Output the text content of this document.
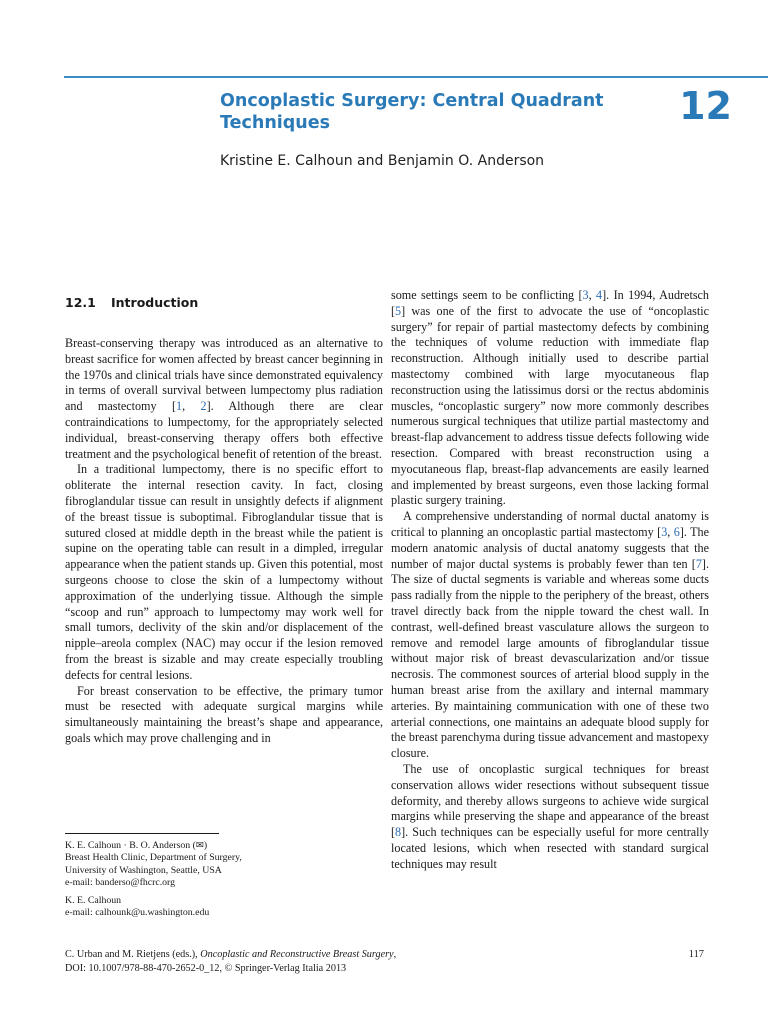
Oncoplastic Surgery: Central Quadrant
Techniques	12

Kristine E. Calhoun and Benjamin O. Anderson

12.1 Introduction

Breast-conserving therapy was introduced as an alternative to breast sacrifice for women affected by breast cancer beginning in the 1970s and clinical trials have since demonstrated equivalency in terms of overall survival between lumpectomy plus radiation and mastectomy [1, 2]. Although there are clear contraindications to lumpectomy, for the appropriately selected individual, breast-conserving therapy offers both effective treatment and the psychological benefit of retention of the breast.

In a traditional lumpectomy, there is no specific effort to obliterate the internal resection cavity. In fact, closing fibroglandular tissue can result in unsightly defects if alignment of the breast tissue is suboptimal. Fibroglandular tissue that is sutured closed at middle depth in the breast while the patient is supine on the operating table can result in a dimpled, irregular appearance when the patient stands up. Given this potential, most surgeons choose to close the skin of a lumpectomy without approximation of the underlying tissue. Although the simple “scoop and run” approach to lumpectomy may work well for small tumors, declivity of the skin and/or displacement of the nipple–areola complex (NAC) may occur if the lesion removed from the breast is sizable and may create especially troubling defects for central lesions.

For breast conservation to be effective, the primary tumor must be resected with adequate surgical margins while simultaneously maintaining the breast’s shape and appearance, goals which may prove challenging and in

some settings seem to be conflicting [3, 4]. In 1994, Audretsch [5] was one of the first to advocate the use of “oncoplastic surgery” for repair of partial mastectomy defects by combining the techniques of volume reduction with immediate flap reconstruction. Although initially used to describe partial mastectomy combined with large myocutaneous flap reconstruction using the latissimus dorsi or the rectus abdominis muscles, “oncoplastic surgery” now more commonly describes numerous surgical techniques that utilize partial mastectomy and breast-flap advancement to address tissue defects following wide resection. Compared with breast reconstruction using a myocutaneous flap, breast-flap advancements are easily learned and implemented by breast surgeons, even those lacking formal plastic surgery training.

A comprehensive understanding of normal ductal anatomy is critical to planning an oncoplastic partial mastectomy [3, 6]. The modern anatomic analysis of ductal anatomy suggests that the number of major ductal systems is probably fewer than ten [7]. The size of ductal segments is variable and whereas some ducts pass radially from the nipple to the periphery of the breast, others travel directly back from the nipple toward the chest wall. In contrast, well-defined breast vasculature allows the surgeon to remove and remodel large amounts of fibroglandular tissue without major risk of breast devascularization and/or tissue necrosis. The commonest sources of arterial blood supply in the human breast arise from the axillary and internal mammary arteries. By maintaining communication with one of these two arterial connections, one maintains an adequate blood supply for the breast parenchyma during tissue advancement and mastopexy closure.

The use of oncoplastic surgical techniques for breast conservation allows wider resections without subsequent tissue deformity, and thereby allows surgeons to achieve wide surgical margins while preserving the shape and appearance of the breast [8]. Such techniques can be especially useful for more centrally located lesions, which when resected with standard surgical techniques may result

K. E. Calhoun · B. O. Anderson (✉)

Breast Health Clinic, Department of Surgery,

University of Washington, Seattle, USA

e-mail: banderso@fhcrc.org

K. E. Calhoun

e-mail: calhounk@u.washington.edu

C. Urban and M. Rietjens (eds.), Oncoplastic and Reconstructive Breast Surgery,

DOI: 10.1007/978-88-470-2652-0_12, © Springer-Verlag Italia 2013

117
